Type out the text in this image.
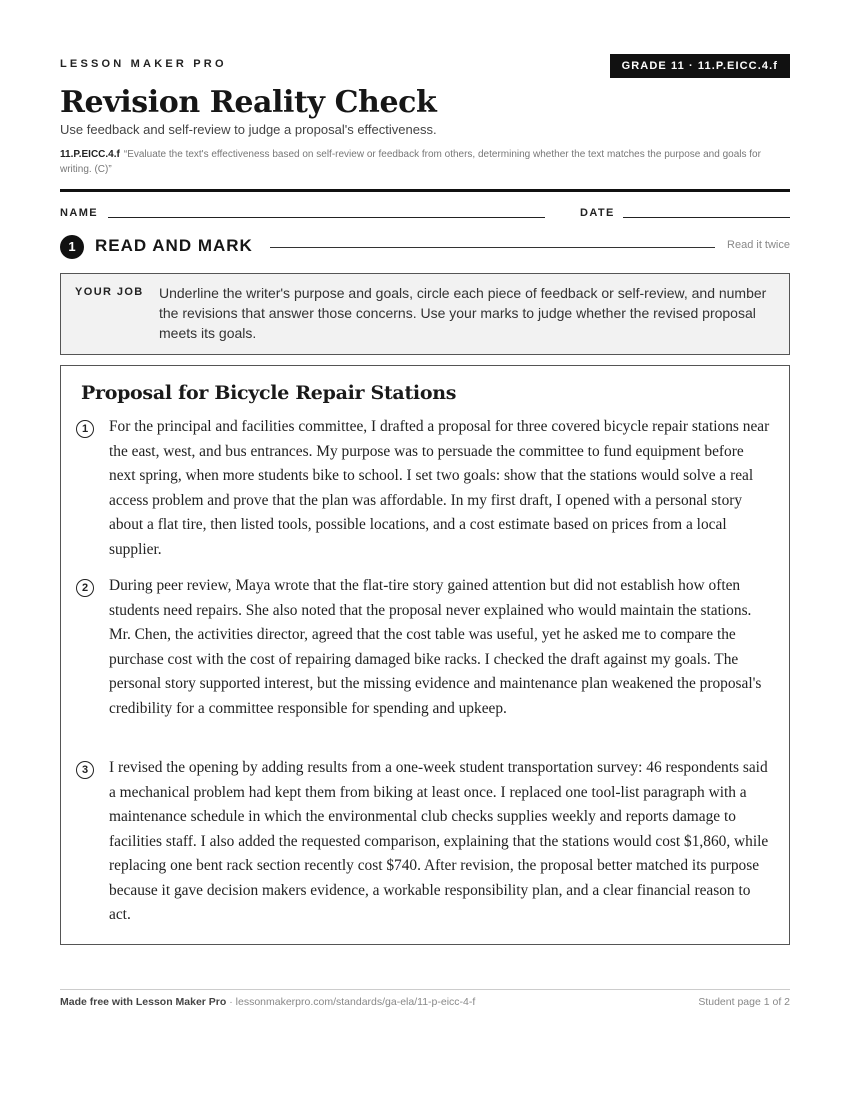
LESSON MAKER PRO	GRADE 11 · 11.P.EICC.4.f
Revision Reality Check
Use feedback and self-review to judge a proposal's effectiveness.
11.P.EICC.4.f “Evaluate the text's effectiveness based on self-review or feedback from others, determining whether the text matches the purpose and goals for writing. (C)”
NAME	DATE
1	READ AND MARK	Read it twice
YOUR JOB Underline the writer's purpose and goals, circle each piece of feedback or self-review, and number the revisions that answer those concerns. Use your marks to judge whether the revised proposal meets its goals.
Proposal for Bicycle Repair Stations
1	For the principal and facilities committee, I drafted a proposal for three covered bicycle repair stations near the east, west, and bus entrances. My purpose was to persuade the committee to fund equipment before next spring, when more students bike to school. I set two goals: show that the stations would solve a real access problem and prove that the plan was affordable. In my first draft, I opened with a personal story about a flat tire, then listed tools, possible locations, and a cost estimate based on prices from a local supplier.

2	During peer review, Maya wrote that the flat-tire story gained attention but did not establish how often students need repairs. She also noted that the proposal never explained who would maintain the stations. Mr. Chen, the activities director, agreed that the cost table was useful, yet he asked me to compare the purchase cost with the cost of repairing damaged bike racks. I checked the draft against my goals. The personal story supported interest, but the missing evidence and maintenance plan weakened the proposal's credibility for a committee responsible for spending and upkeep.

3	I revised the opening by adding results from a one-week student transportation survey: 46 respondents said a mechanical problem had kept them from biking at least once. I replaced one tool-list paragraph with a maintenance schedule in which the environmental club checks supplies weekly and reports damage to facilities staff. I also added the requested comparison, explaining that the stations would cost $1,860, while replacing one bent rack section recently cost $740. After revision, the proposal better matched its purpose because it gave decision makers evidence, a workable responsibility plan, and a clear financial reason to act.

Made free with Lesson Maker Pro · lessonmakerpro.com/standards/ga-ela/11-p-eicc-4-f	Student page 1 of 2
